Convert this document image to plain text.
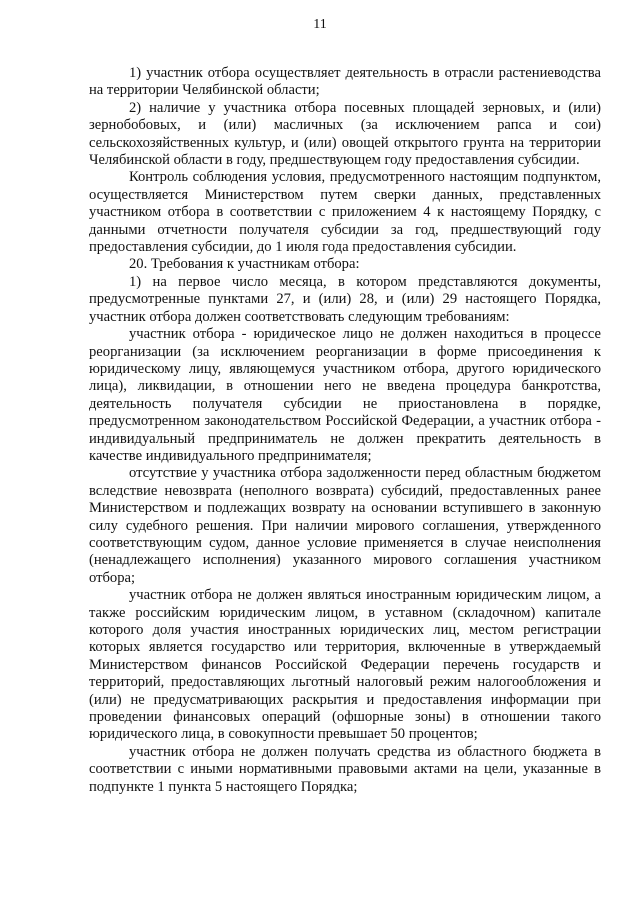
11

1) участник отбора осуществляет деятельность в отрасли растениеводства на территории Челябинской области;

2) наличие у участника отбора посевных площадей зерновых, и (или) зернобобовых, и (или) масличных (за исключением рапса и сои) сельскохозяйственных культур, и (или) овощей открытого грунта на территории Челябинской области в году, предшествующем году предоставления субсидии.

Контроль соблюдения условия, предусмотренного настоящим подпунктом, осуществляется Министерством путем сверки данных, представленных участником отбора в соответствии с приложением 4 к настоящему Порядку, с данными отчетности получателя субсидии за год, предшествующий году предоставления субсидии, до 1 июля года предоставления субсидии.

20. Требования к участникам отбора:

1) на первое число месяца, в котором представляются документы, предусмотренные пунктами 27, и (или) 28, и (или) 29 настоящего Порядка, участник отбора должен соответствовать следующим требованиям:

участник отбора - юридическое лицо не должен находиться в процессе реорганизации (за исключением реорганизации в форме присоединения к юридическому лицу, являющемуся участником отбора, другого юридического лица), ликвидации, в отношении него не введена процедура банкротства, деятельность получателя субсидии не приостановлена в порядке, предусмотренном законодательством Российской Федерации, а участник отбора - индивидуальный предприниматель не должен прекратить деятельность в качестве индивидуального предпринимателя;

отсутствие у участника отбора задолженности перед областным бюджетом вследствие невозврата (неполного возврата) субсидий, предоставленных ранее Министерством и подлежащих возврату на основании вступившего в законную силу судебного решения. При наличии мирового соглашения, утвержденного соответствующим судом, данное условие применяется в случае неисполнения (ненадлежащего исполнения) указанного мирового соглашения участником отбора;

участник отбора не должен являться иностранным юридическим лицом, а также российским юридическим лицом, в уставном (складочном) капитале которого доля участия иностранных юридических лиц, местом регистрации которых является государство или территория, включенные в утверждаемый Министерством финансов Российской Федерации перечень государств и территорий, предоставляющих льготный налоговый режим налогообложения и (или) не предусматривающих раскрытия и предоставления информации при проведении финансовых операций (офшорные зоны) в отношении такого юридического лица, в совокупности превышает 50 процентов;

участник отбора не должен получать средства из областного бюджета в соответствии с иными нормативными правовыми актами на цели, указанные в подпункте 1 пункта 5 настоящего Порядка;
